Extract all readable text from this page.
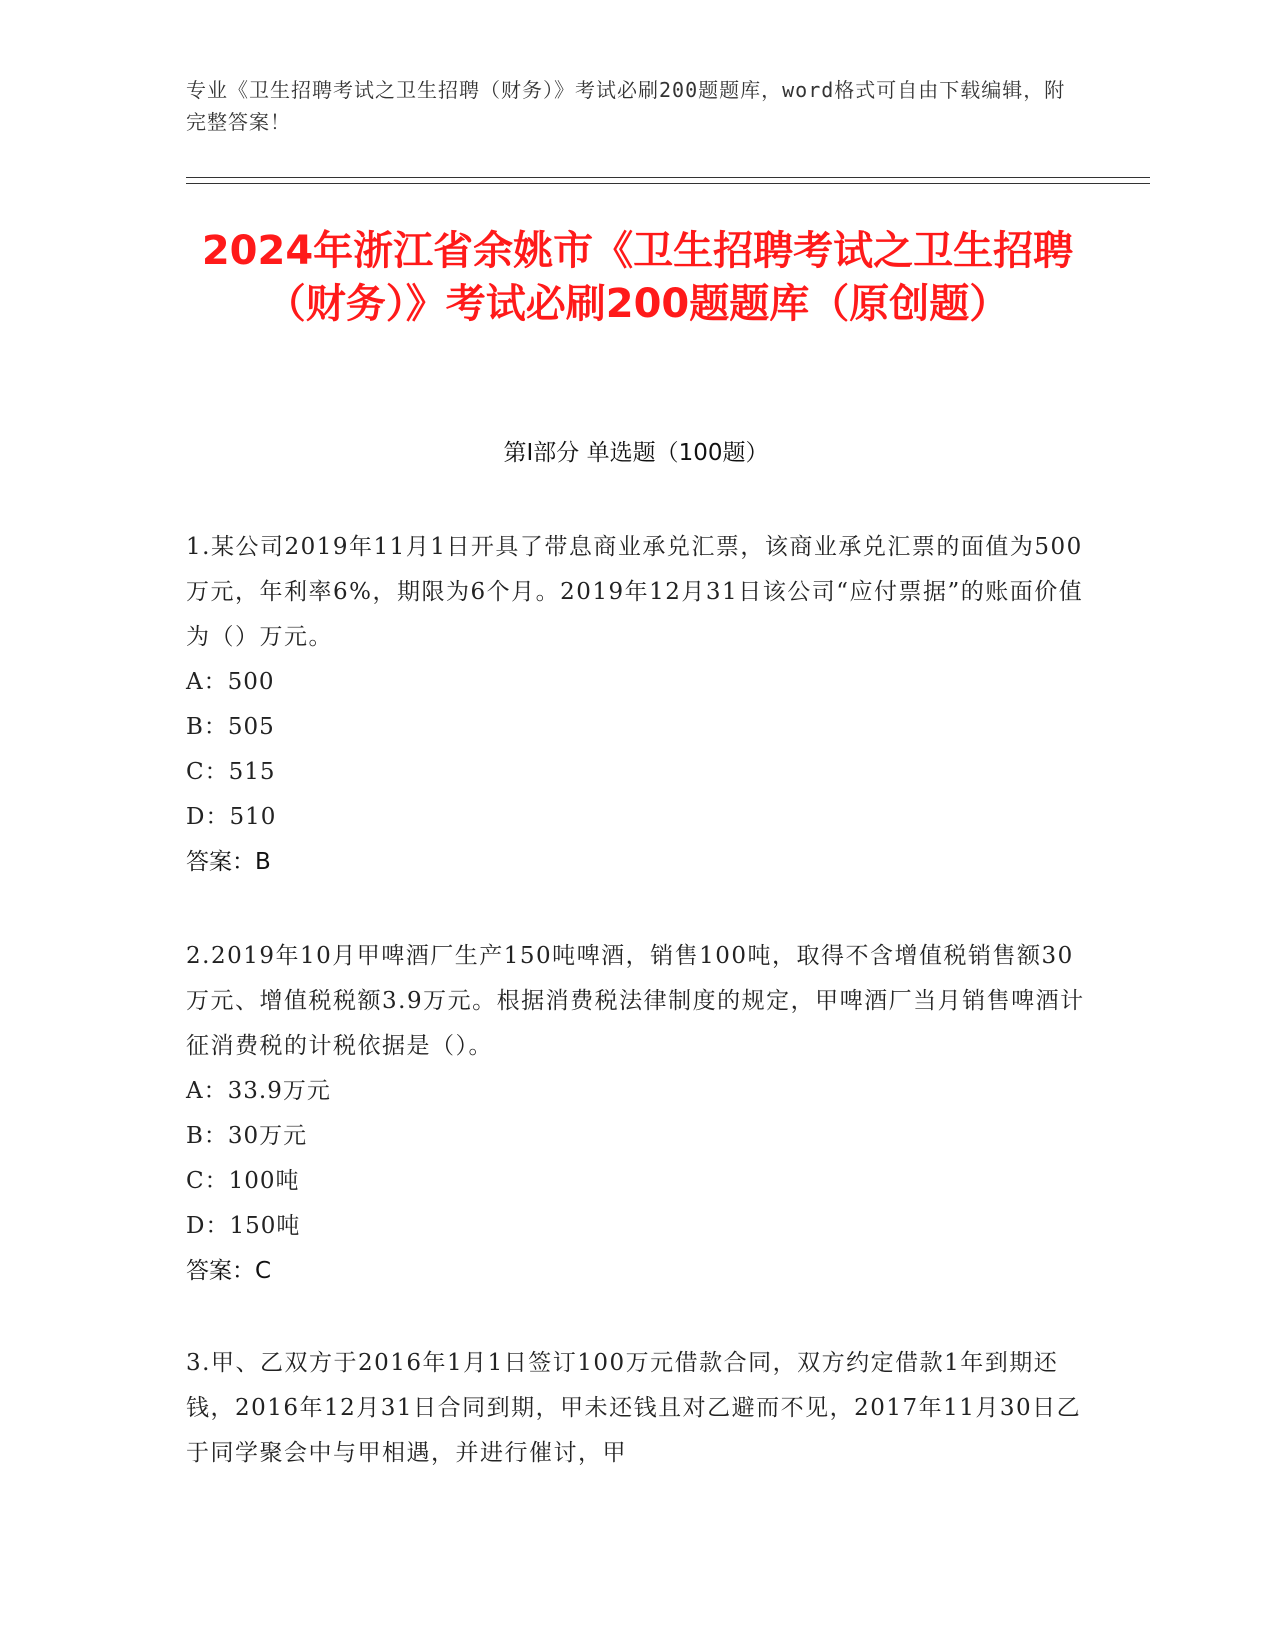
专业《卫生招聘考试之卫生招聘（财务）》考试必刷200题题库，word格式可自由下载编辑，附完整答案！
2024年浙江省余姚市《卫生招聘考试之卫生招聘（财务）》考试必刷200题题库（原创题）
第Ⅰ部分 单选题（100题）

1.某公司2019年11月1日开具了带息商业承兑汇票，该商业承兑汇票的面值为500万元，年利率6%，期限为6个月。2019年12月31日该公司“应付票据”的账面价值为（）万元。

A：500

B：505

C：515

D：510

答案：B

2.2019年10月甲啤酒厂生产150吨啤酒，销售100吨，取得不含增值税销售额30万元、增值税税额3.9万元。根据消费税法律制度的规定，甲啤酒厂当月销售啤酒计征消费税的计税依据是（）。

A：33.9万元

B：30万元

C：100吨

D：150吨

答案：C

3.甲、乙双方于2016年1月1日签订100万元借款合同，双方约定借款1年到期还钱，2016年12月31日合同到期，甲未还钱且对乙避而不见，2017年11月30日乙于同学聚会中与甲相遇，并进行催讨，甲
